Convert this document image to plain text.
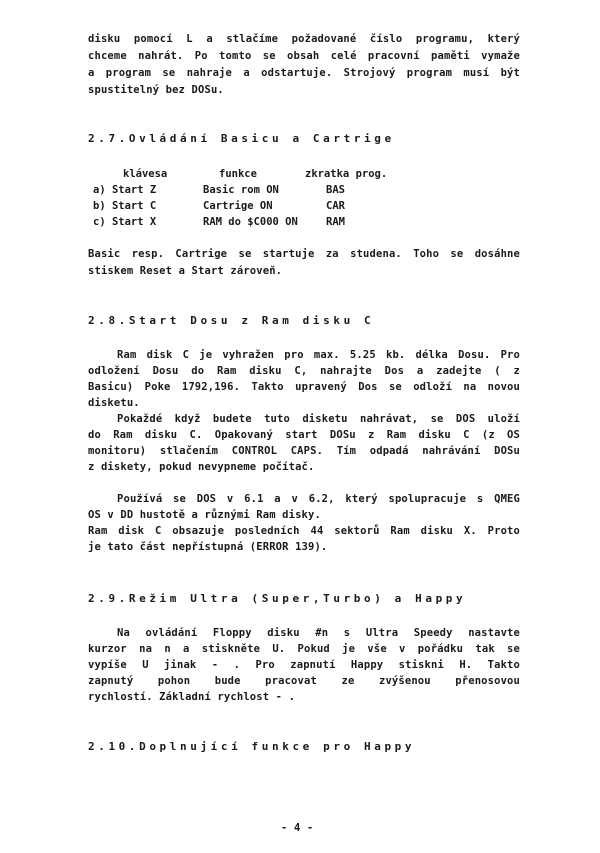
disku pomocí L a stlačíme požadované číslo programu, který
chceme nahrát. Po tomto se obsah celé pracovní paměti vymaže
a program se nahraje a odstartuje. Strojový program musí být
spustitelný bez DOSu.
2.7.Ovládání Basicu a Cartrige
klávesa	funkce	zkratka prog.
a) Start Z	Basic rom ON	BAS
b) Start C	Cartrige ON	CAR
c) Start X	RAM do $C000 ON	RAM
Basic resp. Cartrige se startuje za studena. Toho se dosáhne
stiskem Reset a Start zároveň.
2.8.Start Dosu z Ram disku C
Ram disk C je vyhražen pro max. 5.25 kb. délka Dosu. Pro
odložení Dosu do Ram disku C, nahrajte Dos a zadejte ( z
Basicu) Poke 1792,196. Takto upravený Dos se odloží na novou
disketu.
Pokaždé když budete tuto disketu nahrávat, se DOS uloží
do Ram disku C. Opakovaný start DOSu z Ram disku C (z OS
monitoru) stlačením CONTROL CAPS. Tím odpadá nahrávání DOSu
z diskety, pokud nevypneme počítač.
Používá se DOS v 6.1 a v 6.2, který spolupracuje s QMEG
OS v DD hustotě a různými Ram disky.
Ram disk C obsazuje posledních 44 sektorů Ram disku X. Proto
je tato část nepřístupná (ERROR 139).
2.9.Režim Ultra (Super,Turbo) a Happy
Na ovládání Floppy disku #n s Ultra Speedy nastavte
kurzor na n a stiskněte U. Pokud je vše v pořádku tak se
vypíše U jinak - . Pro zapnutí Happy stiskni H. Takto
zapnutý pohon bude pracovat ze zvýšenou přenosovou
rychlostí. Základní rychlost - .
2.10.Doplnující funkce pro Happy
- 4 -
